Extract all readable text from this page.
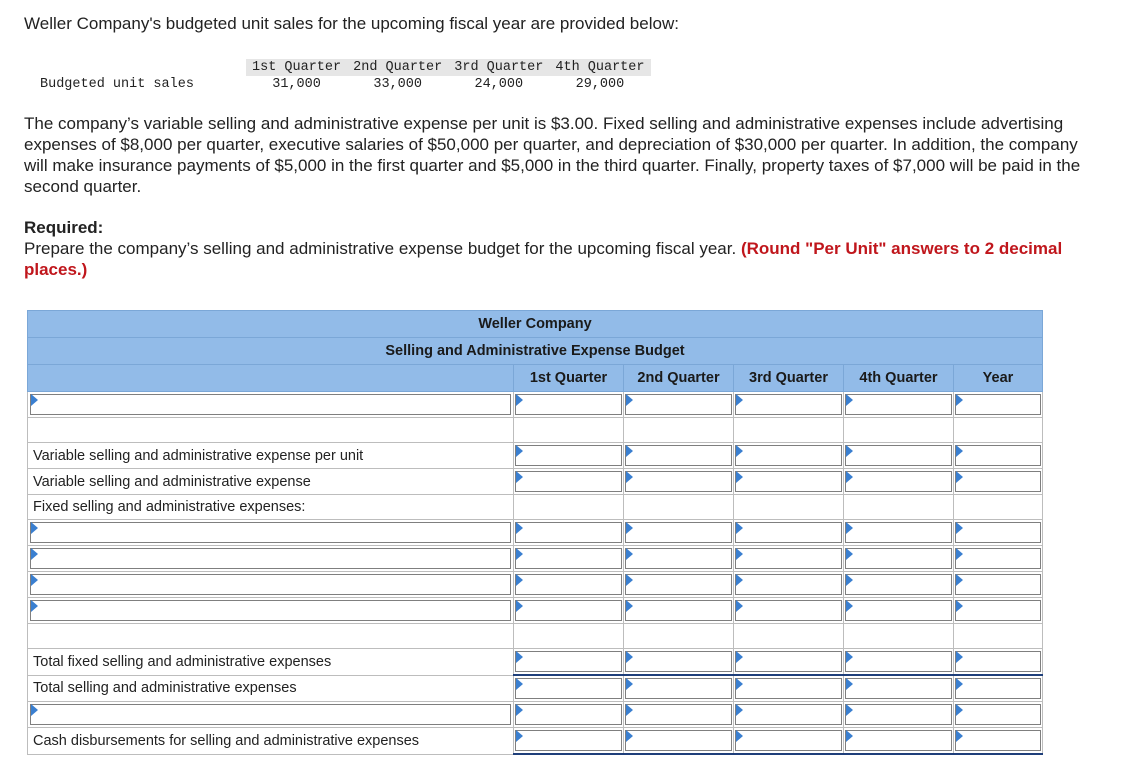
Weller Company's budgeted unit sales for the upcoming fiscal year are provided below:

	1st Quarter	2nd Quarter	3rd Quarter	4th Quarter
Budgeted unit sales	31,000	33,000	24,000	29,000

The company’s variable selling and administrative expense per unit is $3.00. Fixed selling and administrative expenses include advertising expenses of $8,000 per quarter, executive salaries of $50,000 per quarter, and depreciation of $30,000 per quarter. In addition, the company will make insurance payments of $5,000 in the first quarter and $5,000 in the third quarter. Finally, property taxes of $7,000 will be paid in the second quarter.

Required:

Prepare the company’s selling and administrative expense budget for the upcoming fiscal year. (Round "Per Unit" answers to 2 decimal places.)

Weller Company					
Selling and Administrative Expense Budget					
	1st Quarter	2nd Quarter	3rd Quarter	4th Quarter	Year

Variable selling and administrative expense per unit	

Variable selling and administrative expense	

Fixed selling and administrative expenses:					

Total fixed selling and administrative expenses	

Total selling and administrative expenses	

Cash disbursements for selling and administrative expenses	
